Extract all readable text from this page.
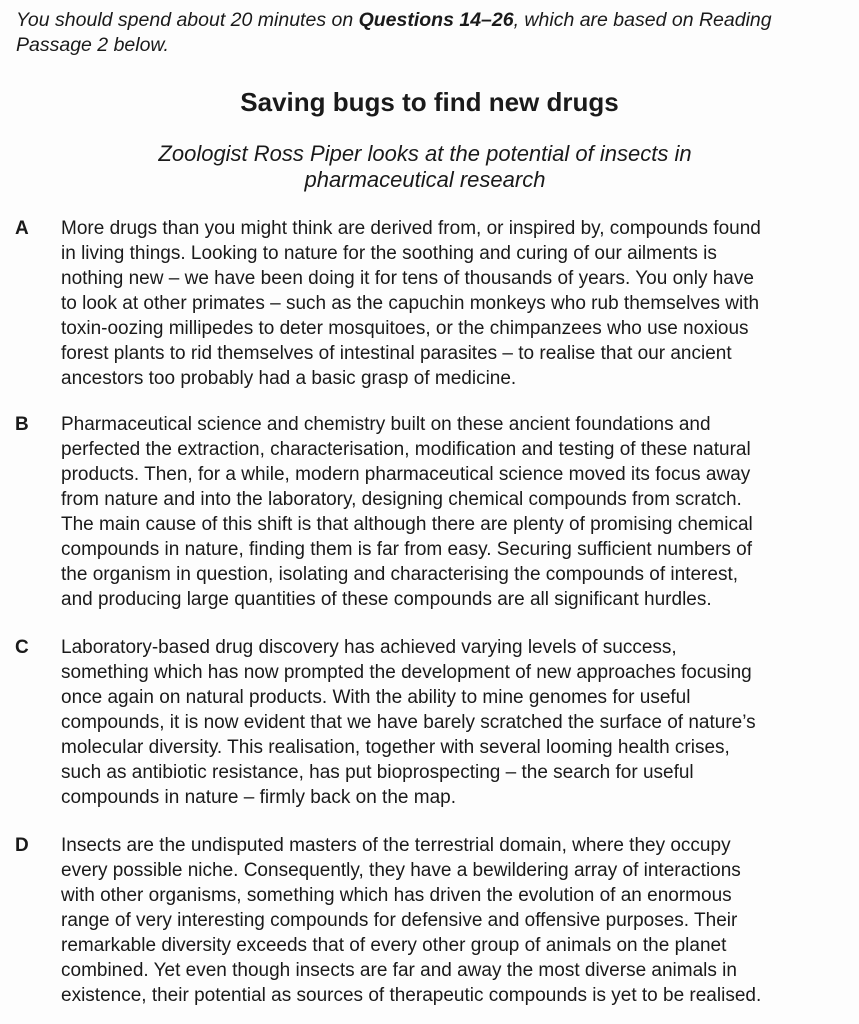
You should spend about 20 minutes on Questions 14–26, which are based on Reading
Passage 2 below.
Saving bugs to find new drugs
Zoologist Ross Piper looks at the potential of insects in
pharmaceutical research
A More drugs than you might think are derived from, or inspired by, compounds found
in living things. Looking to nature for the soothing and curing of our ailments is
nothing new – we have been doing it for tens of thousands of years. You only have
to look at other primates – such as the capuchin monkeys who rub themselves with
toxin-oozing millipedes to deter mosquitoes, or the chimpanzees who use noxious
forest plants to rid themselves of intestinal parasites – to realise that our ancient
ancestors too probably had a basic grasp of medicine.
B Pharmaceutical science and chemistry built on these ancient foundations and
perfected the extraction, characterisation, modification and testing of these natural
products. Then, for a while, modern pharmaceutical science moved its focus away
from nature and into the laboratory, designing chemical compounds from scratch.
The main cause of this shift is that although there are plenty of promising chemical
compounds in nature, finding them is far from easy. Securing sufficient numbers of
the organism in question, isolating and characterising the compounds of interest,
and producing large quantities of these compounds are all significant hurdles.
C Laboratory-based drug discovery has achieved varying levels of success,
something which has now prompted the development of new approaches focusing
once again on natural products. With the ability to mine genomes for useful
compounds, it is now evident that we have barely scratched the surface of nature’s
molecular diversity. This realisation, together with several looming health crises,
such as antibiotic resistance, has put bioprospecting – the search for useful
compounds in nature – firmly back on the map.
D Insects are the undisputed masters of the terrestrial domain, where they occupy
every possible niche. Consequently, they have a bewildering array of interactions
with other organisms, something which has driven the evolution of an enormous
range of very interesting compounds for defensive and offensive purposes. Their
remarkable diversity exceeds that of every other group of animals on the planet
combined. Yet even though insects are far and away the most diverse animals in
existence, their potential as sources of therapeutic compounds is yet to be realised.
